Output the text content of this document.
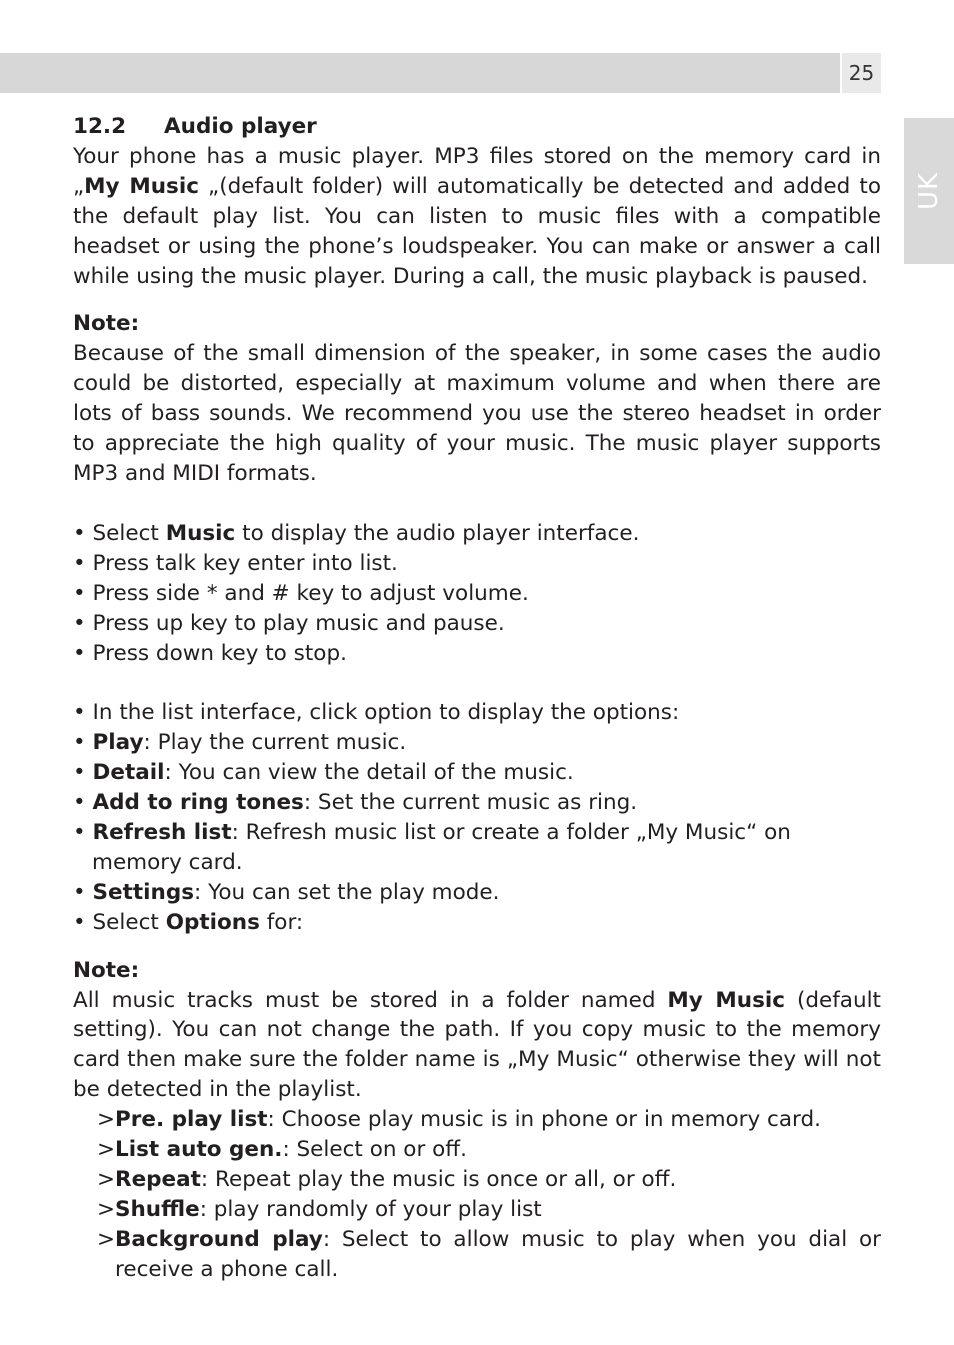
25
UK

12.2 Audio player

Your phone has a music player. MP3 files stored on the memory card in „My Music „(default folder) will automatically be detected and added to the default play list. You can listen to music files with a compatible headset or using the phone’s loudspeaker. You can make or answer a call while using the music player. During a call, the music playback is paused.

Note:

Because of the small dimension of the speaker, in some cases the audio could be distorted, especially at maximum volume and when there are lots of bass sounds. We recommend you use the stereo headset in order to appreciate the high quality of your music. The music player supports MP3 and MIDI formats.

• Select Music to display the audio player interface.
• Press talk key enter into list.
• Press side * and # key to adjust volume.
• Press up key to play music and pause.
• Press down key to stop.
• In the list interface, click option to display the options:
• Play: Play the current music.
• Detail: You can view the detail of the music.
• Add to ring tones: Set the current music as ring.
• Refresh list: Refresh music list or create a folder „My Music“ on memory card.
• Settings: You can set the play mode.
• Select Options for:

Note:

All music tracks must be stored in a folder named My Music (default setting). You can not change the path. If you copy music to the memory card then make sure the folder name is „My Music“ otherwise they will not be detected in the playlist.

>Pre. play list: Choose play music is in phone or in memory card.
>List auto gen.: Select on or off.
>Repeat: Repeat play the music is once or all, or off.
>Shuffle: play randomly of your play list
>Background play: Select to allow music to play when you dial or receive a phone call.
